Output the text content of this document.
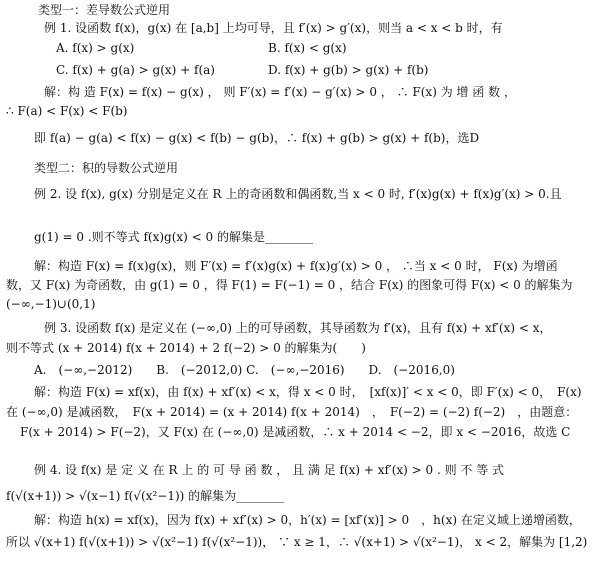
类型一：差导数公式逆用
例 1. 设函数 f(x)，g(x) 在 [a,b] 上均可导，且 f′(x) > g′(x)，则当 a < x < b 时，有
A. f(x) > g(x)	B. f(x) < g(x)
C. f(x) + g(a) > g(x) + f(a)	D. f(x) + g(b) > g(x) + f(b)
解：构 造 F(x) = f(x) − g(x) ， 则 F′(x) = f′(x) − g′(x) > 0 ， ∴ F(x) 为 增 函 数 ，
∴ F(a) < F(x) < F(b)
即 f(a) − g(a) < f(x) − g(x) < f(b) − g(b)，∴ f(x) + g(b) > g(x) + f(b)，选D
类型二：积的导数公式逆用
例 2. 设 f(x), g(x) 分别是定义在 R 上的奇函数和偶函数,当 x < 0 时, f′(x)g(x) + f(x)g′(x) > 0.且
g(1) = 0 .则不等式 f(x)g(x) < 0 的解集是________
解：构造 F(x) = f(x)g(x)，则 F′(x) = f′(x)g(x) + f(x)g′(x) > 0 ， ∴当 x < 0 时， F(x) 为增函
数，又 F(x) 为奇函数，由 g(1) = 0 ，得 F(1) = F(−1) = 0 ，结合 F(x) 的图象可得 F(x) < 0 的解集为
(−∞,−1)∪(0,1)
例 3. 设函数 f(x) 是定义在 (−∞,0) 上的可导函数，其导函数为 f′(x)，且有 f(x) + xf′(x) < x，
则不等式 (x + 2014) f(x + 2014) + 2 f(−2) > 0 的解集为(　　)
A.　(−∞,−2012)　　B.　(−2012,0) C.　(−∞,−2016)　　D.　(−2016,0)
解：构造 F(x) = xf(x)，由 f(x) + xf′(x) < x，得 x < 0 时，　[xf(x)]′ < x < 0，即 F′(x) < 0，　F(x)
在 (−∞,0) 是减函数，　F(x + 2014) = (x + 2014) f(x + 2014)　，　F(−2) = (−2) f(−2)　，由题意：
F(x + 2014) > F(−2)，又 F(x) 在 (−∞,0) 是减函数，∴ x + 2014 < −2，即 x < −2016，故选 C
例 4. 设 f(x) 是 定 义 在 R 上 的 可 导 函 数 ， 且 满 足 f(x) + xf′(x) > 0 . 则 不 等 式
f(√(x+1)) > √(x−1) f(√(x²−1)) 的解集为________
解：构造 h(x) = xf(x)，因为 f(x) + xf′(x) > 0，h′(x) = [xf′(x)] > 0　，h(x) 在定义域上递增函数，
所以 √(x+1) f(√(x+1)) > √(x²−1) f(√(x²−1))， ∵ x ≥ 1，∴ √(x+1) > √(x²−1)， x < 2，解集为 [1,2)
